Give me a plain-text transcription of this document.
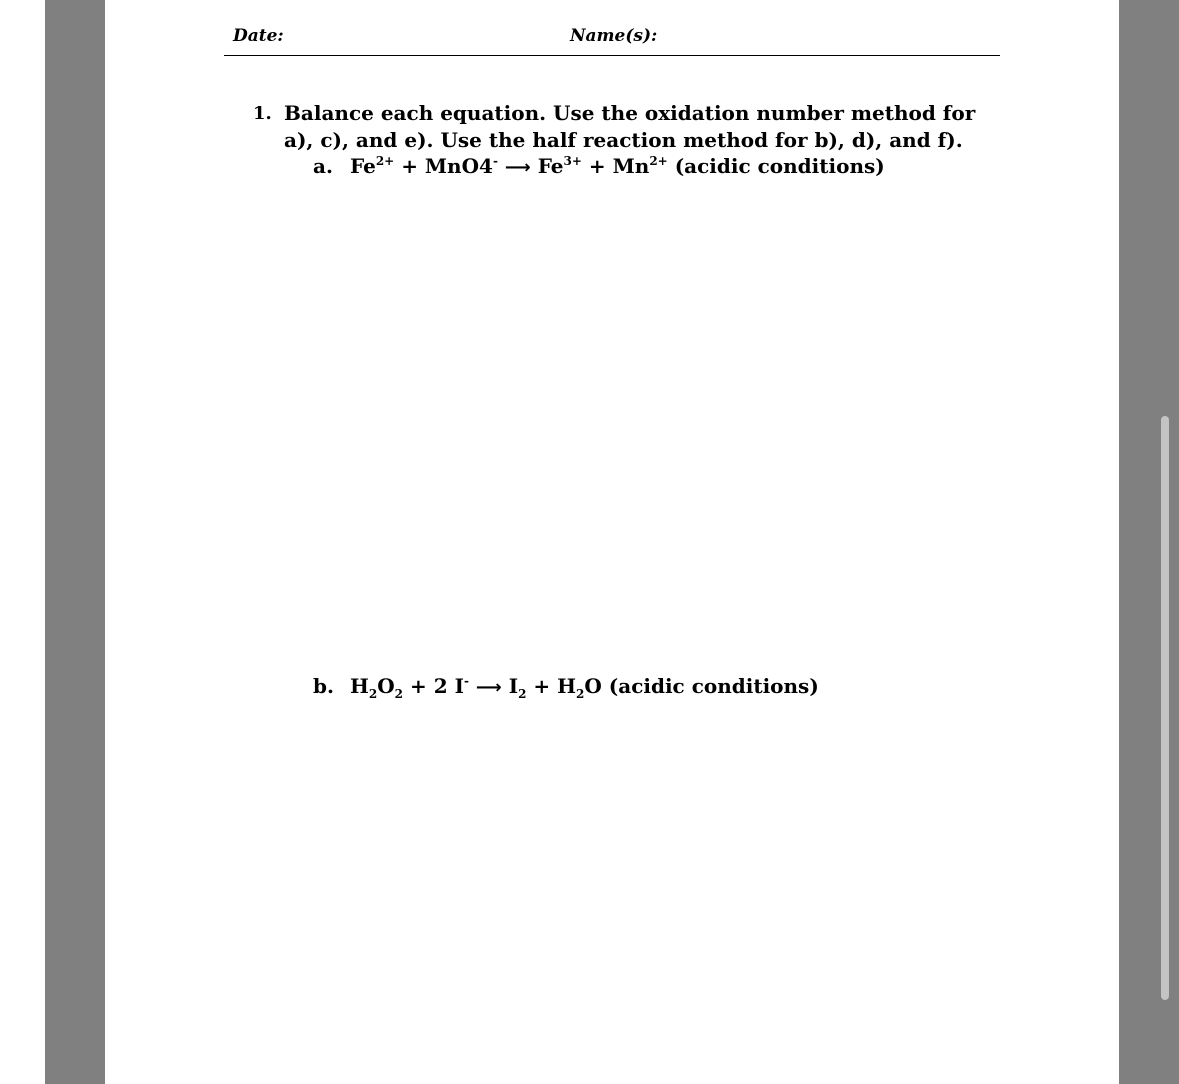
Date:	Name(s):
1. Balance each equation. Use the oxidation number method for a), c), and e). Use the half reaction method for b), d), and f).
a. $Fe^{2+} + MnO4^-$ ⟶ $Fe^{3+} + Mn^{2+}$ (acidic conditions)
b. $H_2O_2 + 2$ I- ⟶ $I_2 + H_2O$ (acidic conditions)
